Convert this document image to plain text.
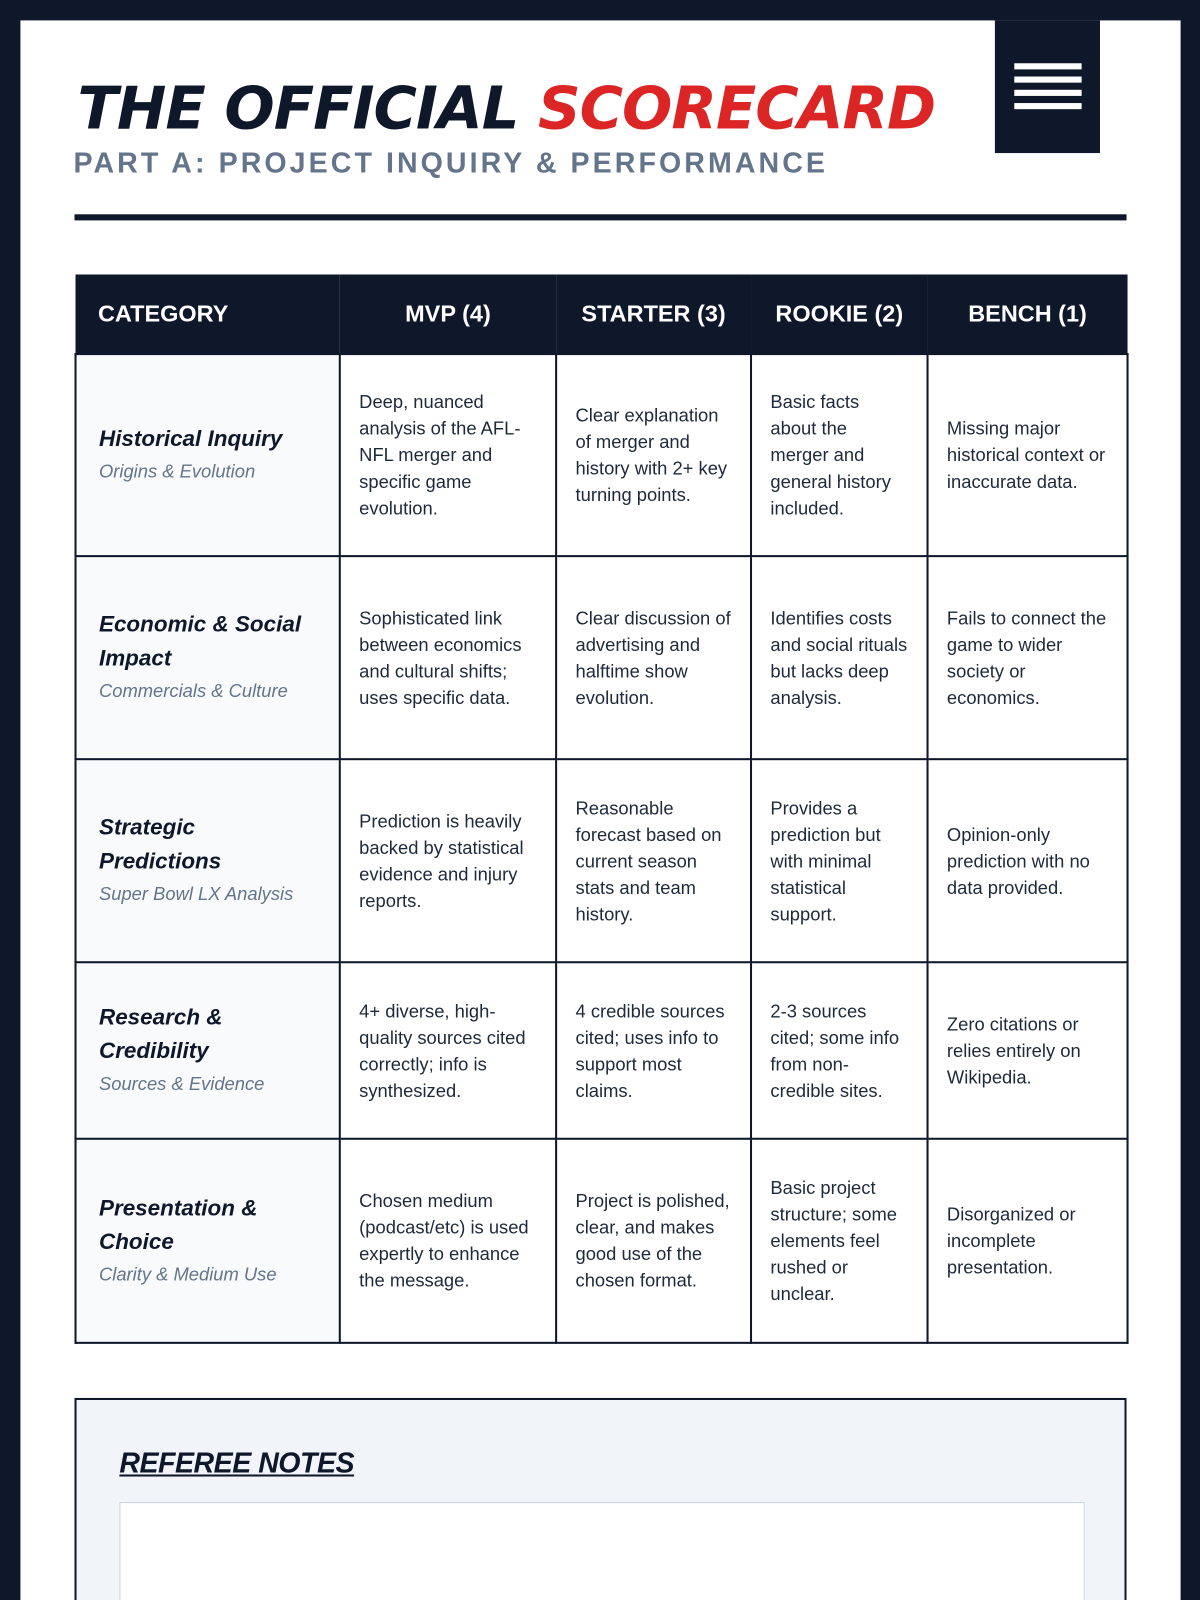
THE OFFICIAL SCORECARD
PART A: PROJECT INQUIRY & PERFORMANCE
CATEGORY	MVP (4)	STARTER (3)	ROOKIE (2)	BENCH (1)

Historical Inquiry
Origins & Evolution	Deep, nuanced analysis of the AFL-NFL merger and specific game evolution.	Clear explanation of merger and history with 2+ key turning points.	Basic facts about the merger and general history included.	Missing major historical context or inaccurate data.

Economic & Social Impact
Commercials & Culture	Sophisticated link between economics and cultural shifts; uses specific data.	Clear discussion of advertising and halftime show evolution.	Identifies costs and social rituals but lacks deep analysis.	Fails to connect the game to wider society or economics.

Strategic Predictions
Super Bowl LX Analysis	Prediction is heavily backed by statistical evidence and injury reports.	Reasonable forecast based on current season stats and team history.	Provides a prediction but with minimal statistical support.	Opinion-only prediction with no data provided.

Research & Credibility
Sources & Evidence	4+ diverse, high-quality sources cited correctly; info is synthesized.	4 credible sources cited; uses info to support most claims.	2-3 sources cited; some info from non-credible sites.	Zero citations or relies entirely on Wikipedia.

Presentation & Choice
Clarity & Medium Use	Chosen medium (podcast/etc) is used expertly to enhance the message.	Project is polished, clear, and makes good use of the chosen format.	Basic project structure; some elements feel rushed or unclear.	Disorganized or incomplete presentation.
REFEREE NOTES
